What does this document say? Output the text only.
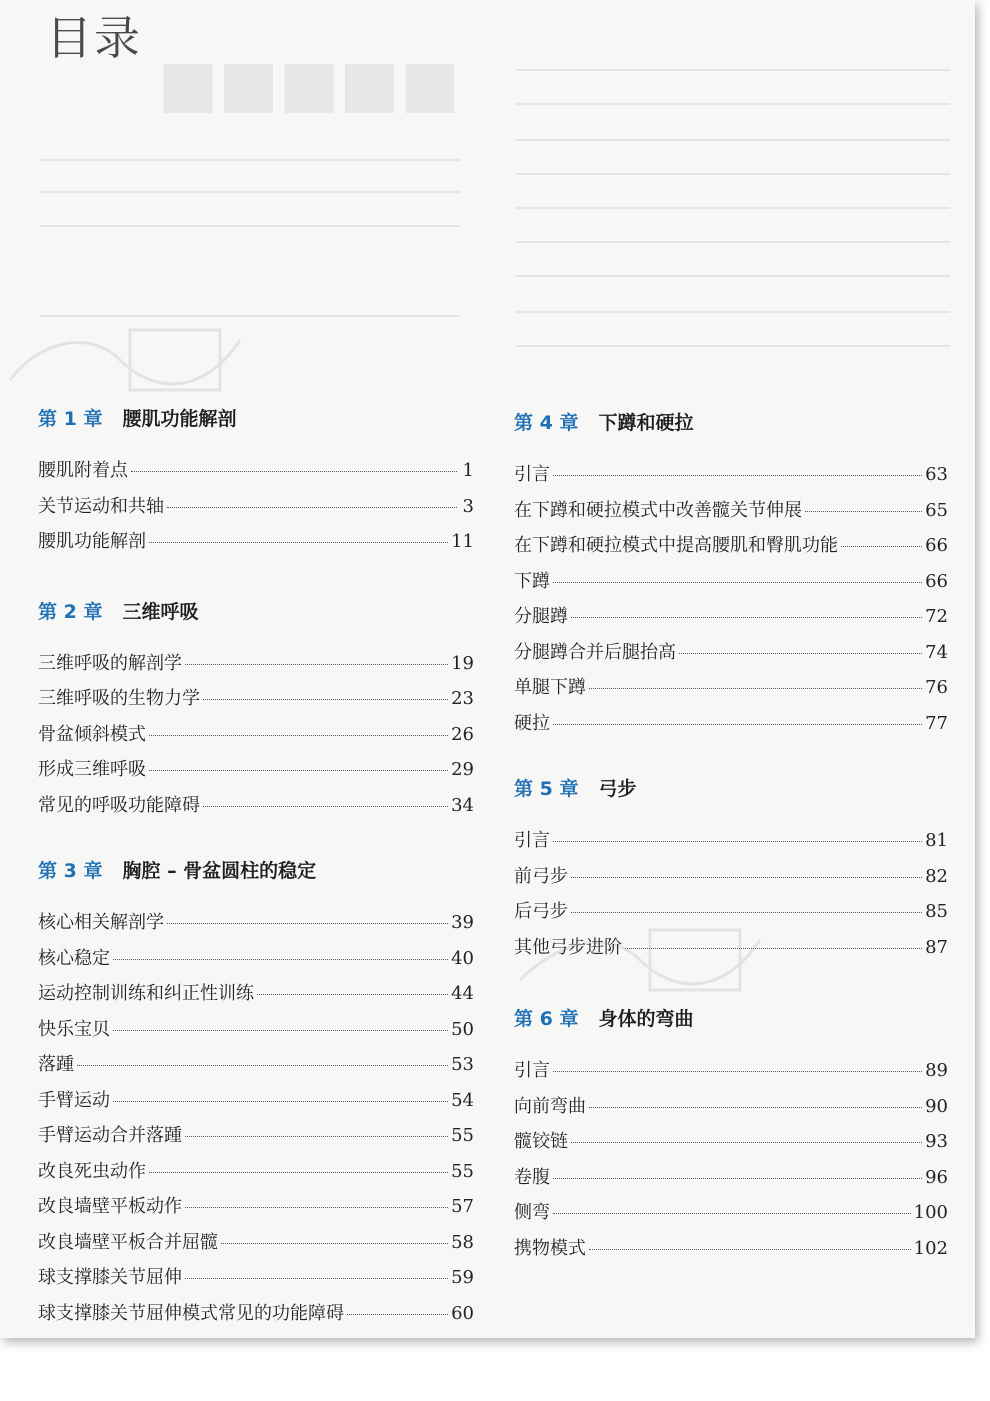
■■■■■
目录
第 1 章 腰肌功能解剖
腰肌附着点	1
关节运动和共轴	3
腰肌功能解剖	11
第 2 章 三维呼吸
三维呼吸的解剖学	19
三维呼吸的生物力学	23
骨盆倾斜模式	26
形成三维呼吸	29
常见的呼吸功能障碍	34
第 3 章 胸腔 – 骨盆圆柱的稳定
核心相关解剖学	39
核心稳定	40
运动控制训练和纠正性训练	44
快乐宝贝	50
落踵	53
手臂运动	54
手臂运动合并落踵	55
改良死虫动作	55
改良墙壁平板动作	57
改良墙壁平板合并屈髋	58
球支撑膝关节屈伸	59
球支撑膝关节屈伸模式常见的功能障碍	60
第 4 章 下蹲和硬拉
引言	63
在下蹲和硬拉模式中改善髋关节伸展	65
在下蹲和硬拉模式中提高腰肌和臀肌功能	66
下蹲	66
分腿蹲	72
分腿蹲合并后腿抬高	74
单腿下蹲	76
硬拉	77
第 5 章 弓步
引言	81
前弓步	82
后弓步	85
其他弓步进阶	87
第 6 章 身体的弯曲
引言	89
向前弯曲	90
髋铰链	93
卷腹	96
侧弯	100
携物模式	102
